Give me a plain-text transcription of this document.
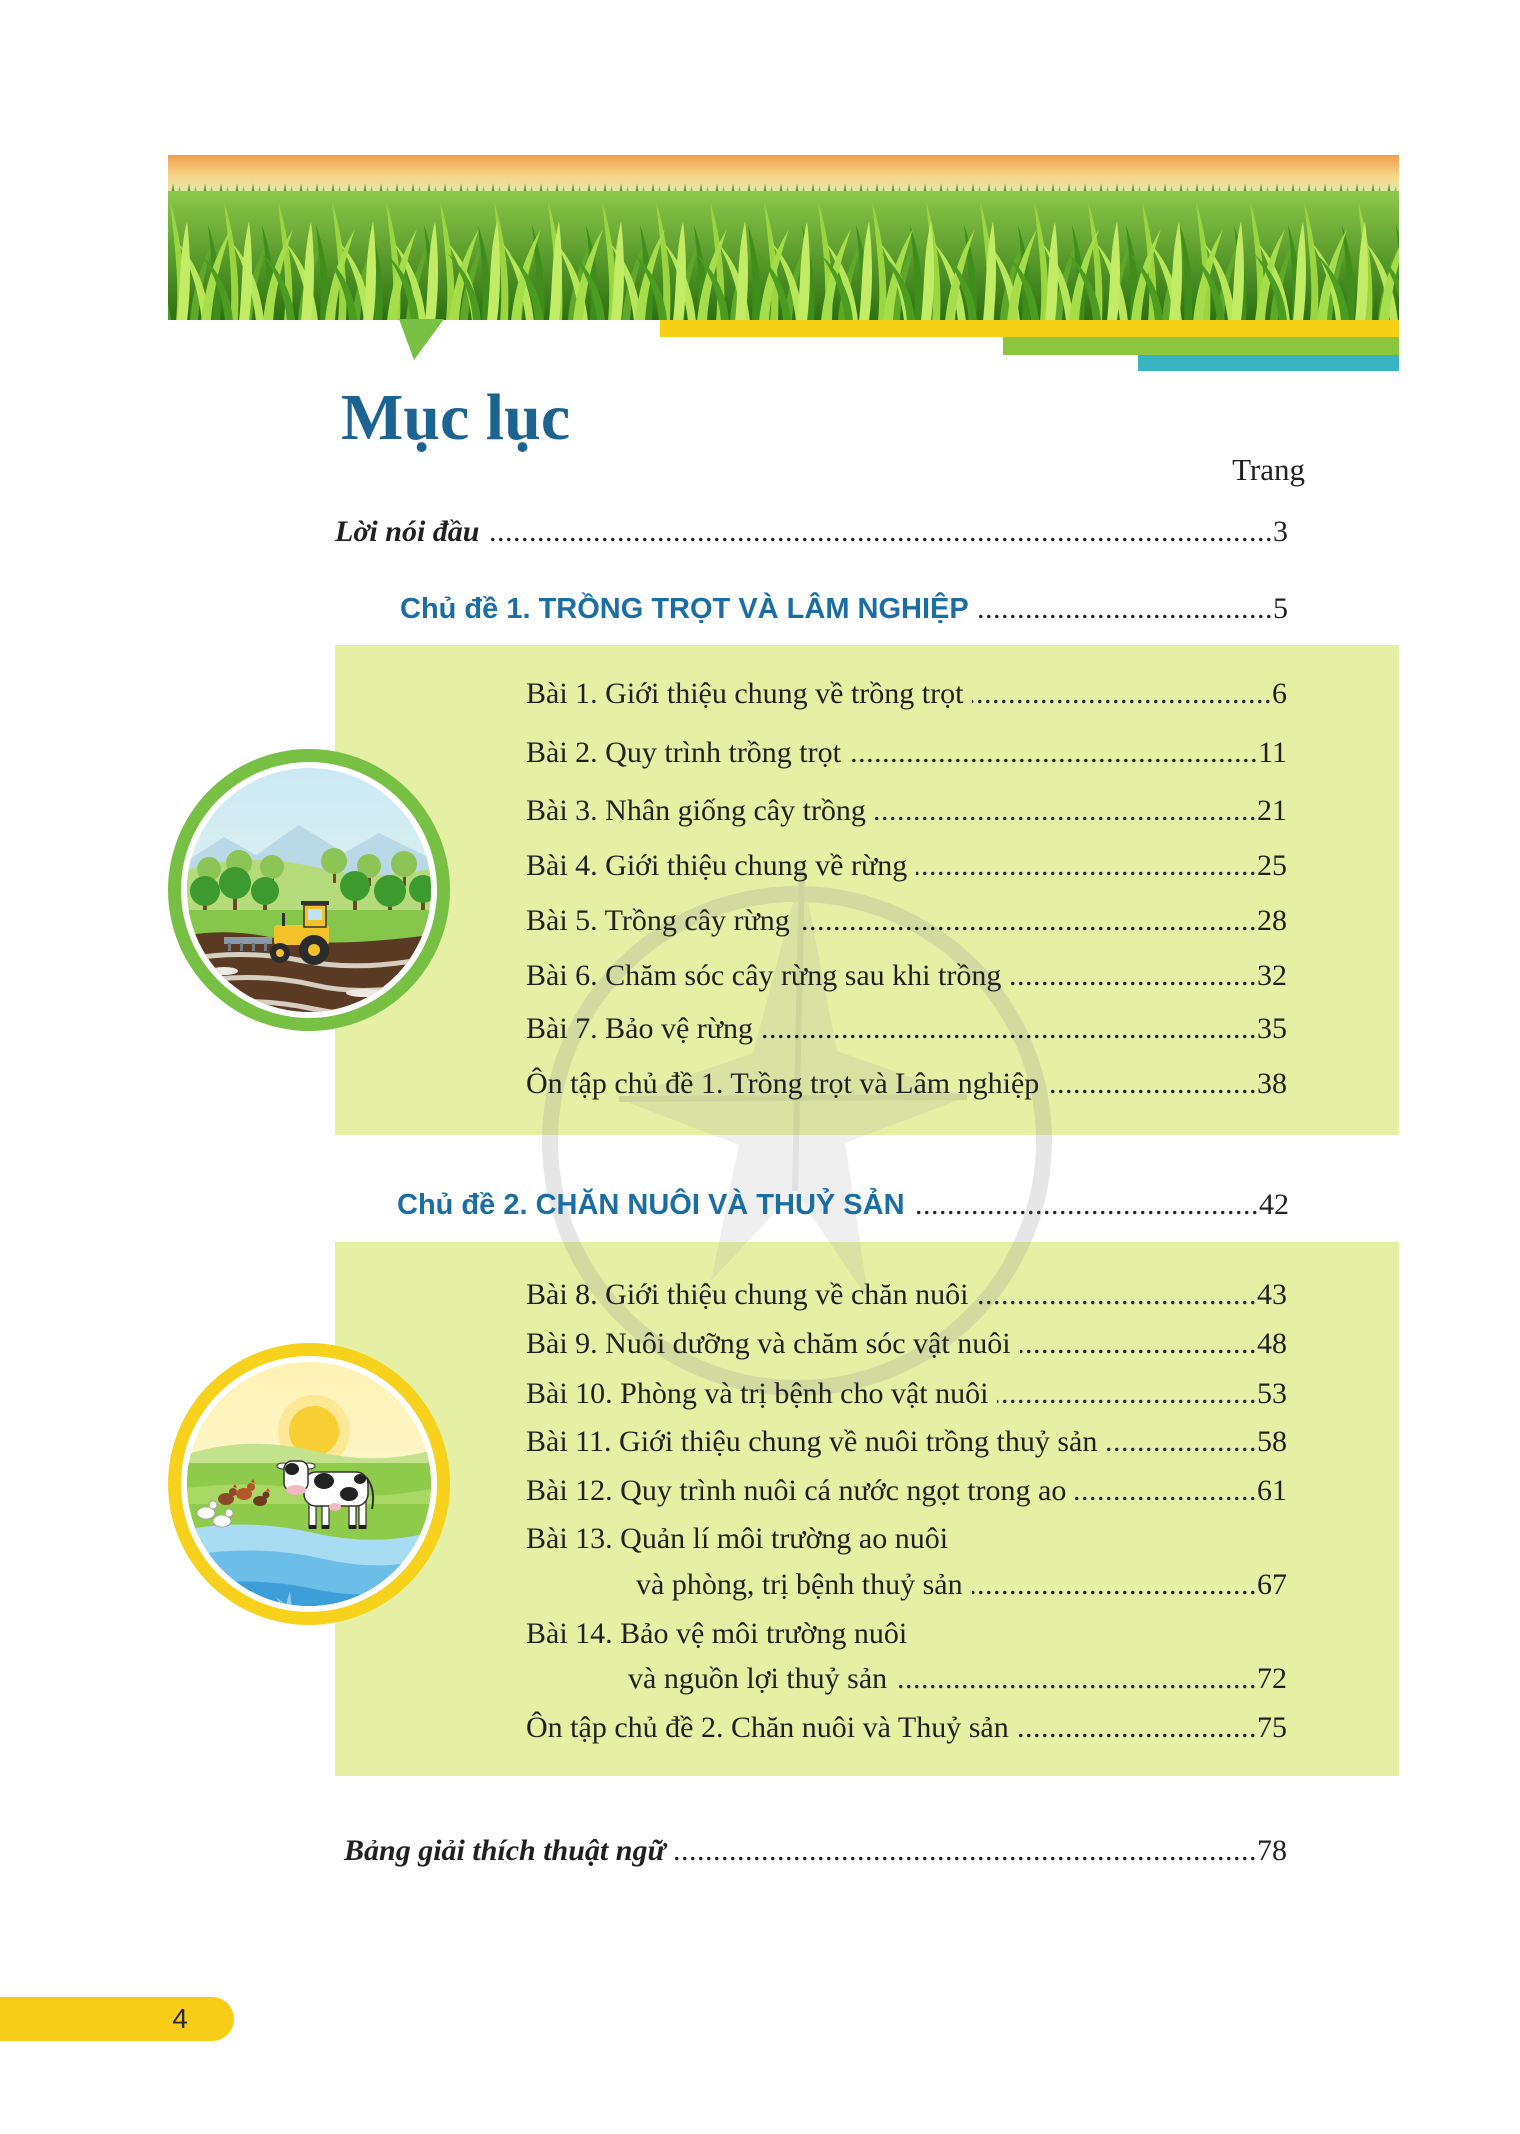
Mục lục
Trang
Lời nói đầu .....	3
Chủ đề 1. TRỒNG TRỌT VÀ LÂM NGHIỆP .....	5
Bài 1. Giới thiệu chung về trồng trọt .....	6
Bài 2. Quy trình trồng trọt .....	11
Bài 3. Nhân giống cây trồng .....	21
Bài 4. Giới thiệu chung về rừng .....	25
Bài 5. Trồng cây rừng .....	28
Bài 6. Chăm sóc cây rừng sau khi trồng .....	32
Bài 7. Bảo vệ rừng .....	35
Ôn tập chủ đề 1. Trồng trọt và Lâm nghiệp .....	38
Chủ đề 2. CHĂN NUÔI VÀ THUỶ SẢN .....	42
Bài 8. Giới thiệu chung về chăn nuôi .....	43
Bài 9. Nuôi dưỡng và chăm sóc vật nuôi .....	48
Bài 10. Phòng và trị bệnh cho vật nuôi .....	53
Bài 11. Giới thiệu chung về nuôi trồng thuỷ sản .....	58
Bài 12. Quy trình nuôi cá nước ngọt trong ao .....	61
Bài 13. Quản lí môi trường ao nuôi
và phòng, trị bệnh thuỷ sản .....	67
Bài 14. Bảo vệ môi trường nuôi
và nguồn lợi thuỷ sản .....	72
Ôn tập chủ đề 2. Chăn nuôi và Thuỷ sản .....	75
Bảng giải thích thuật ngữ .....	78
4
